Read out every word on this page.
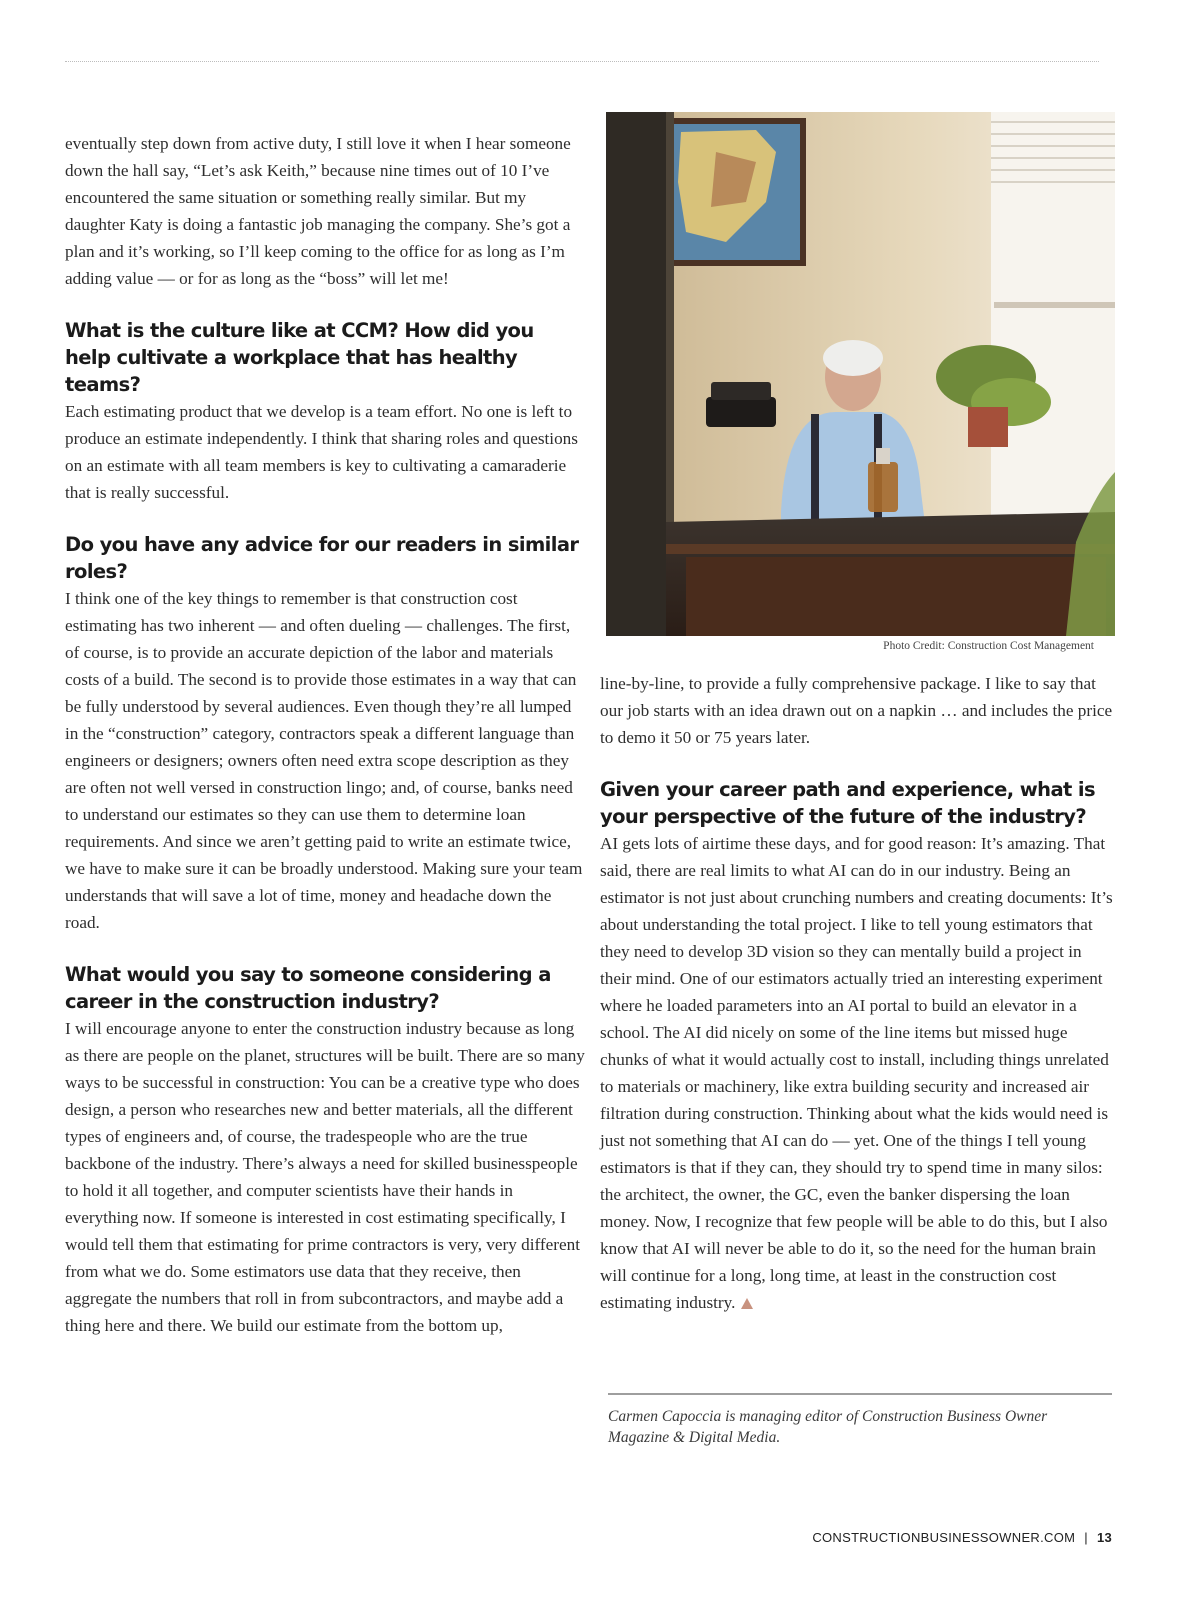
eventually step down from active duty, I still love it when I hear someone down the hall say, “Let’s ask Keith,” because nine times out of 10 I’ve encountered the same situation or something really similar. But my daughter Katy is doing a fantastic job managing the company. She’s got a plan and it’s working, so I’ll keep coming to the office for as long as I’m adding value — or for as long as the “boss” will let me!

What is the culture like at CCM? How did you help cultivate a workplace that has healthy teams?

Each estimating product that we develop is a team effort. No one is left to produce an estimate independently. I think that sharing roles and questions on an estimate with all team members is key to cultivating a camaraderie that is really successful.

Do you have any advice for our readers in similar roles?

I think one of the key things to remember is that construction cost estimating has two inherent — and often dueling — challenges. The first, of course, is to provide an accurate depiction of the labor and materials costs of a build. The second is to provide those estimates in a way that can be fully understood by several audiences. Even though they’re all lumped in the “construction” category, contractors speak a different language than engineers or designers; owners often need extra scope description as they are often not well versed in construction lingo; and, of course, banks need to understand our estimates so they can use them to determine loan requirements. And since we aren’t getting paid to write an estimate twice, we have to make sure it can be broadly understood. Making sure your team understands that will save a lot of time, money and headache down the road.

What would you say to someone considering a career in the construction industry?

I will encourage anyone to enter the construction industry because as long as there are people on the planet, structures will be built. There are so many ways to be successful in construction: You can be a creative type who does design, a person who researches new and better materials, all the different types of engineers and, of course, the tradespeople who are the true backbone of the industry. There’s always a need for skilled businesspeople to hold it all together, and computer scientists have their hands in everything now. If someone is interested in cost estimating specifically, I would tell them that estimating for prime contractors is very, very different from what we do. Some estimators use data that they receive, then aggregate the numbers that roll in from subcontractors, and maybe add a thing here and there. We build our estimate from the bottom up,

Photo Credit: Construction Cost Management

line-by-line, to provide a fully comprehensive package. I like to say that our job starts with an idea drawn out on a napkin … and includes the price to demo it 50 or 75 years later.

Given your career path and experience, what is your perspective of the future of the industry?

AI gets lots of airtime these days, and for good reason: It’s amazing. That said, there are real limits to what AI can do in our industry. Being an estimator is not just about crunching numbers and creating documents: It’s about understanding the total project. I like to tell young estimators that they need to develop 3D vision so they can mentally build a project in their mind. One of our estimators actually tried an interesting experiment where he loaded parameters into an AI portal to build an elevator in a school. The AI did nicely on some of the line items but missed huge chunks of what it would actually cost to install, including things unrelated to materials or machinery, like extra building security and increased air filtration during construction. Thinking about what the kids would need is just not something that AI can do — yet. One of the things I tell young estimators is that if they can, they should try to spend time in many silos: the architect, the owner, the GC, even the banker dispersing the loan money. Now, I recognize that few people will be able to do this, but I also know that AI will never be able to do it, so the need for the human brain will continue for a long, long time, at least in the construction cost estimating industry.

Carmen Capoccia is managing editor of Construction Business Owner Magazine & Digital Media.
CONSTRUCTIONBUSINESSOWNER.COM | 13
